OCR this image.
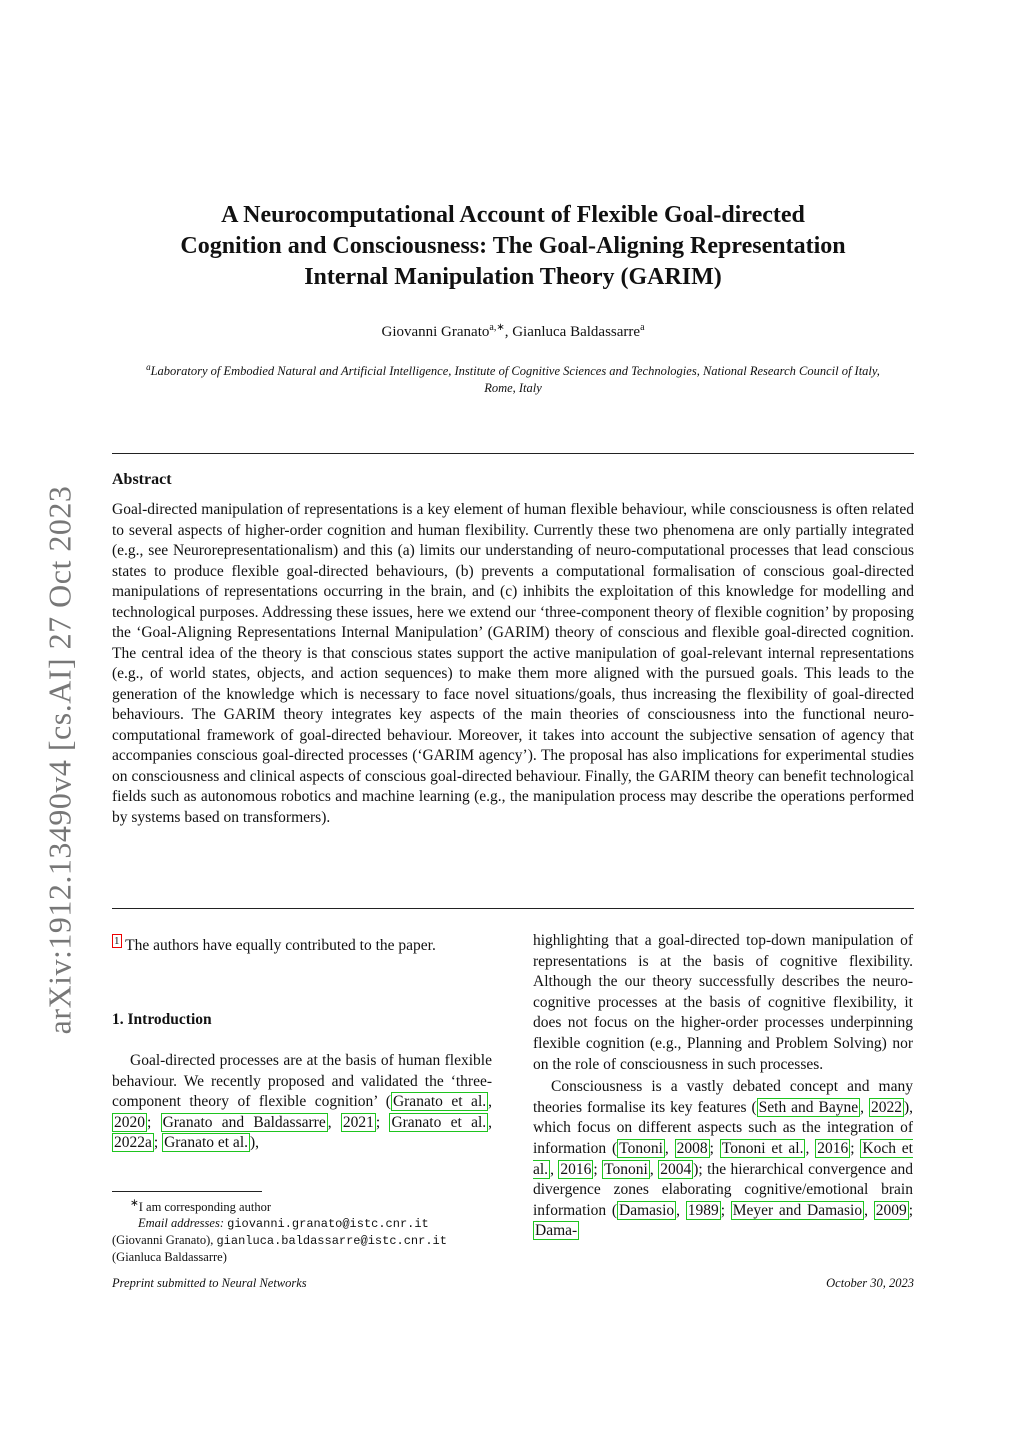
arXiv:1912.13490v4 [cs.AI] 27 Oct 2023
A Neurocomputational Account of Flexible Goal-directed
Cognition and Consciousness: The Goal-Aligning Representation
Internal Manipulation Theory (GARIM)
Giovanni Granato$^{a,∗}$, Gianluca Baldassarre$^a$
$^a$Laboratory of Embodied Natural and Artificial Intelligence, Institute of Cognitive Sciences and Technologies, National Research Council of Italy, Rome, Italy
Abstract
Goal-directed manipulation of representations is a key element of human flexible behaviour, while consciousness is often related to several aspects of higher-order cognition and human flexibility. Currently these two phenomena are only partially integrated (e.g., see Neurorepresentationalism) and this (a) limits our understanding of neuro-computational processes that lead conscious states to produce flexible goal-directed behaviours, (b) prevents a computational formalisation of conscious goal-directed manipulations of representations occurring in the brain, and (c) inhibits the exploitation of this knowledge for modelling and technological purposes. Addressing these issues, here we extend our ‘three-component theory of flexible cognition’ by proposing the ‘Goal-Aligning Representations Internal Manipulation’ (GARIM) theory of conscious and flexible goal-directed cognition. The central idea of the theory is that conscious states support the active manipulation of goal-relevant internal representations (e.g., of world states, objects, and action sequences) to make them more aligned with the pursued goals. This leads to the generation of the knowledge which is necessary to face novel situations/goals, thus increasing the flexibility of goal-directed behaviours. The GARIM theory integrates key aspects of the main theories of consciousness into the functional neuro-computational framework of goal-directed behaviour. Moreover, it takes into account the subjective sensation of agency that accompanies conscious goal-directed processes (‘GARIM agency’). The proposal has also implications for experimental studies on consciousness and clinical aspects of conscious goal-directed behaviour. Finally, the GARIM theory can benefit technological fields such as autonomous robotics and machine learning (e.g., the manipulation process may describe the operations performed by systems based on transformers).

$^1$ The authors have equally contributed to the paper.

1. Introduction

Goal-directed processes are at the basis of human flexible behaviour. We recently proposed and validated the ‘three-component theory of flexible cognition’ ( Granato et al. , 2020 ; Granato and Baldassarre , 2021 ; Granato et al. , 2022a ; Granato et al. ),

∗I am corresponding author
Email addresses: giovanni.granato@istc.cnr.it
(Giovanni Granato), gianluca.baldassarre@istc.cnr.it
(Gianluca Baldassarre)

highlighting that a goal-directed top-down manipulation of representations is at the basis of cognitive flexibility. Although the our theory successfully describes the neuro-cognitive processes at the basis of cognitive flexibility, it does not focus on the higher-order processes underpinning flexible cognition (e.g., Planning and Problem Solving) nor on the role of consciousness in such processes.

Consciousness is a vastly debated concept and many theories formalise its key features ( Seth and Bayne , 2022 ), which focus on different aspects such as the integration of information ( Tononi , 2008 ; Tononi et al. , 2016 ; Koch et al. , 2016 ; Tononi , 2004 ); the hierarchical convergence and divergence zones elaborating cognitive/emotional brain information ( Damasio , 1989 ; Meyer and Damasio , 2009 ; Dama-

Preprint submitted to Neural Networks	October 30, 2023
